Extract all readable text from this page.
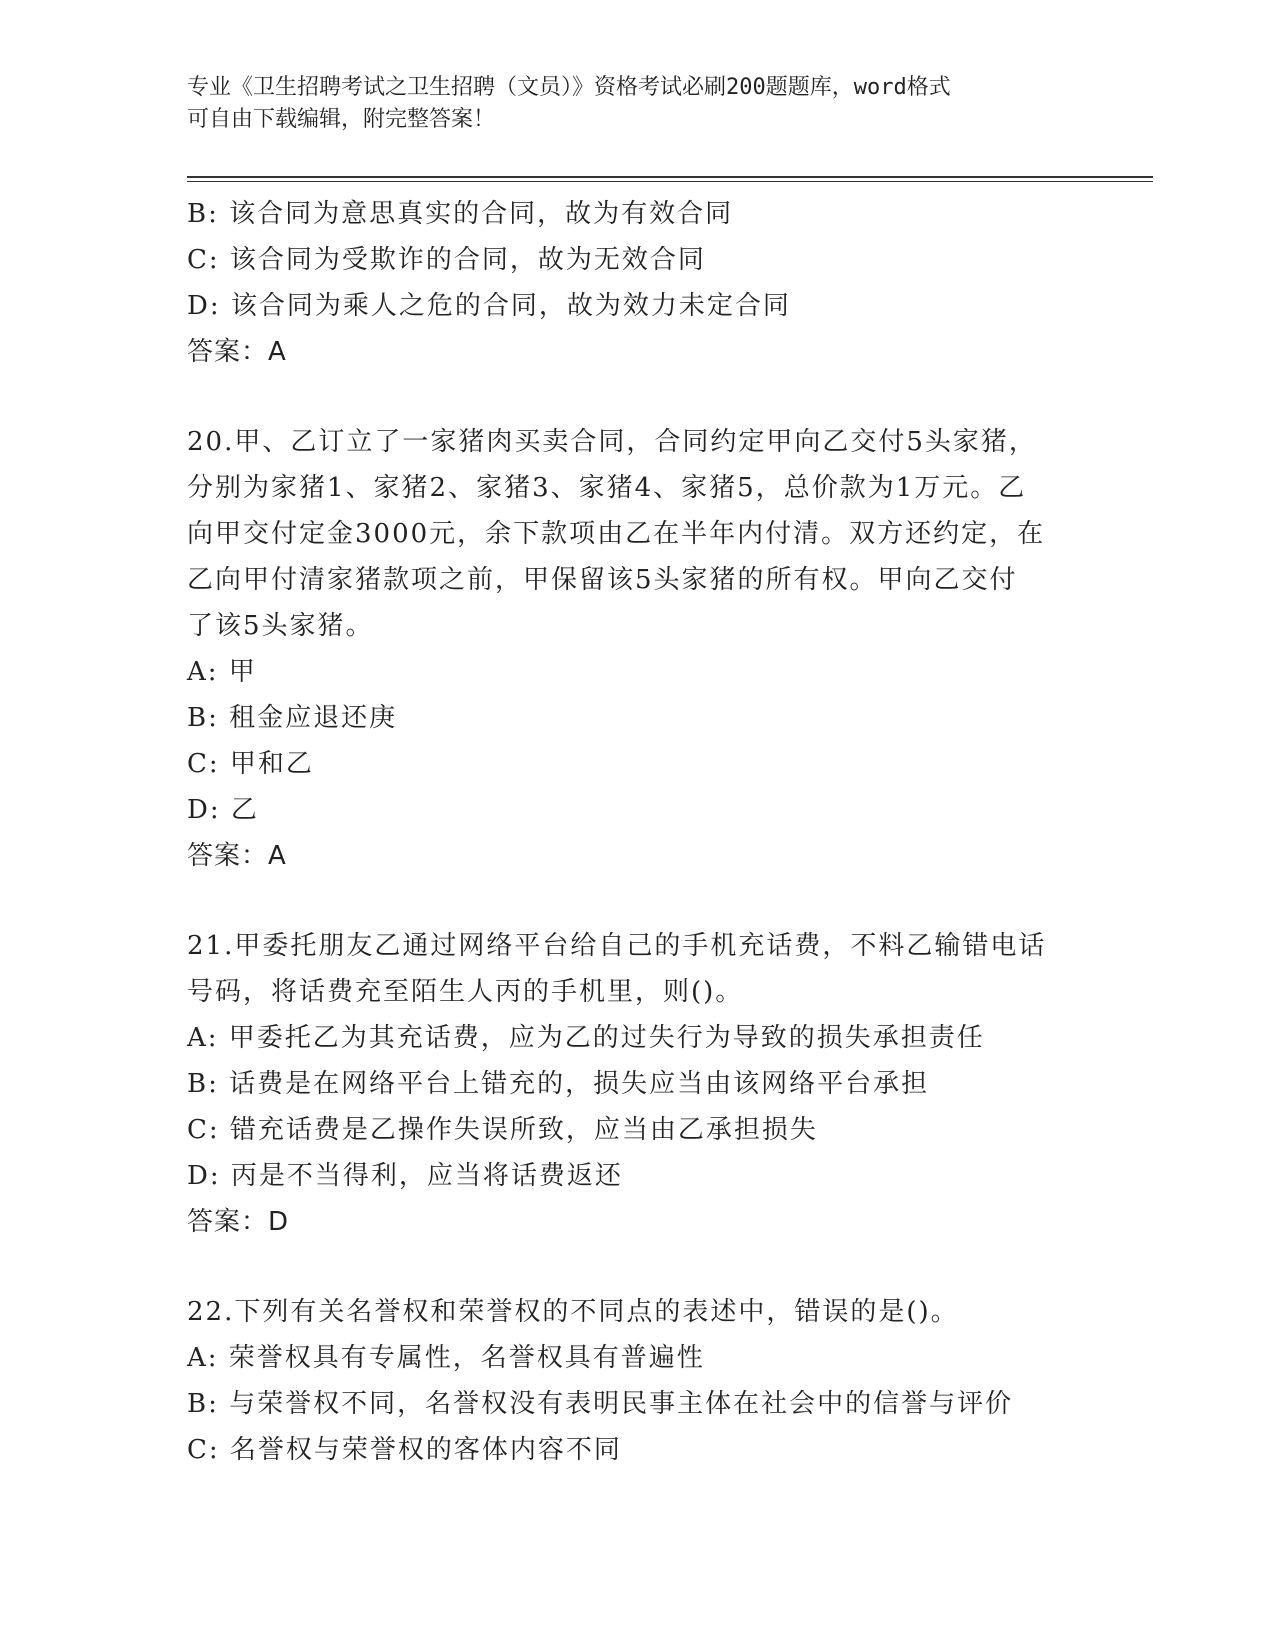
专业《卫生招聘考试之卫生招聘（文员）》资格考试必刷200题题库，word格式
可自由下载编辑，附完整答案！
B: 该合同为意思真实的合同，故为有效合同
C: 该合同为受欺诈的合同，故为无效合同
D: 该合同为乘人之危的合同，故为效力未定合同
答案：A
20.甲、乙订立了一家猪肉买卖合同，合同约定甲向乙交付5头家猪，
分别为家猪1、家猪2、家猪3、家猪4、家猪5，总价款为1万元。乙
向甲交付定金3000元，余下款项由乙在半年内付清。双方还约定，在
乙向甲付清家猪款项之前，甲保留该5头家猪的所有权。甲向乙交付
了该5头家猪。
A: 甲
B: 租金应退还庚
C: 甲和乙
D: 乙
答案：A
21.甲委托朋友乙通过网络平台给自己的手机充话费，不料乙输错电话
号码，将话费充至陌生人丙的手机里，则()。
A: 甲委托乙为其充话费，应为乙的过失行为导致的损失承担责任
B: 话费是在网络平台上错充的，损失应当由该网络平台承担
C: 错充话费是乙操作失误所致，应当由乙承担损失
D: 丙是不当得利，应当将话费返还
答案：D
22.下列有关名誉权和荣誉权的不同点的表述中，错误的是()。
A: 荣誉权具有专属性，名誉权具有普遍性
B: 与荣誉权不同，名誉权没有表明民事主体在社会中的信誉与评价
C: 名誉权与荣誉权的客体内容不同
